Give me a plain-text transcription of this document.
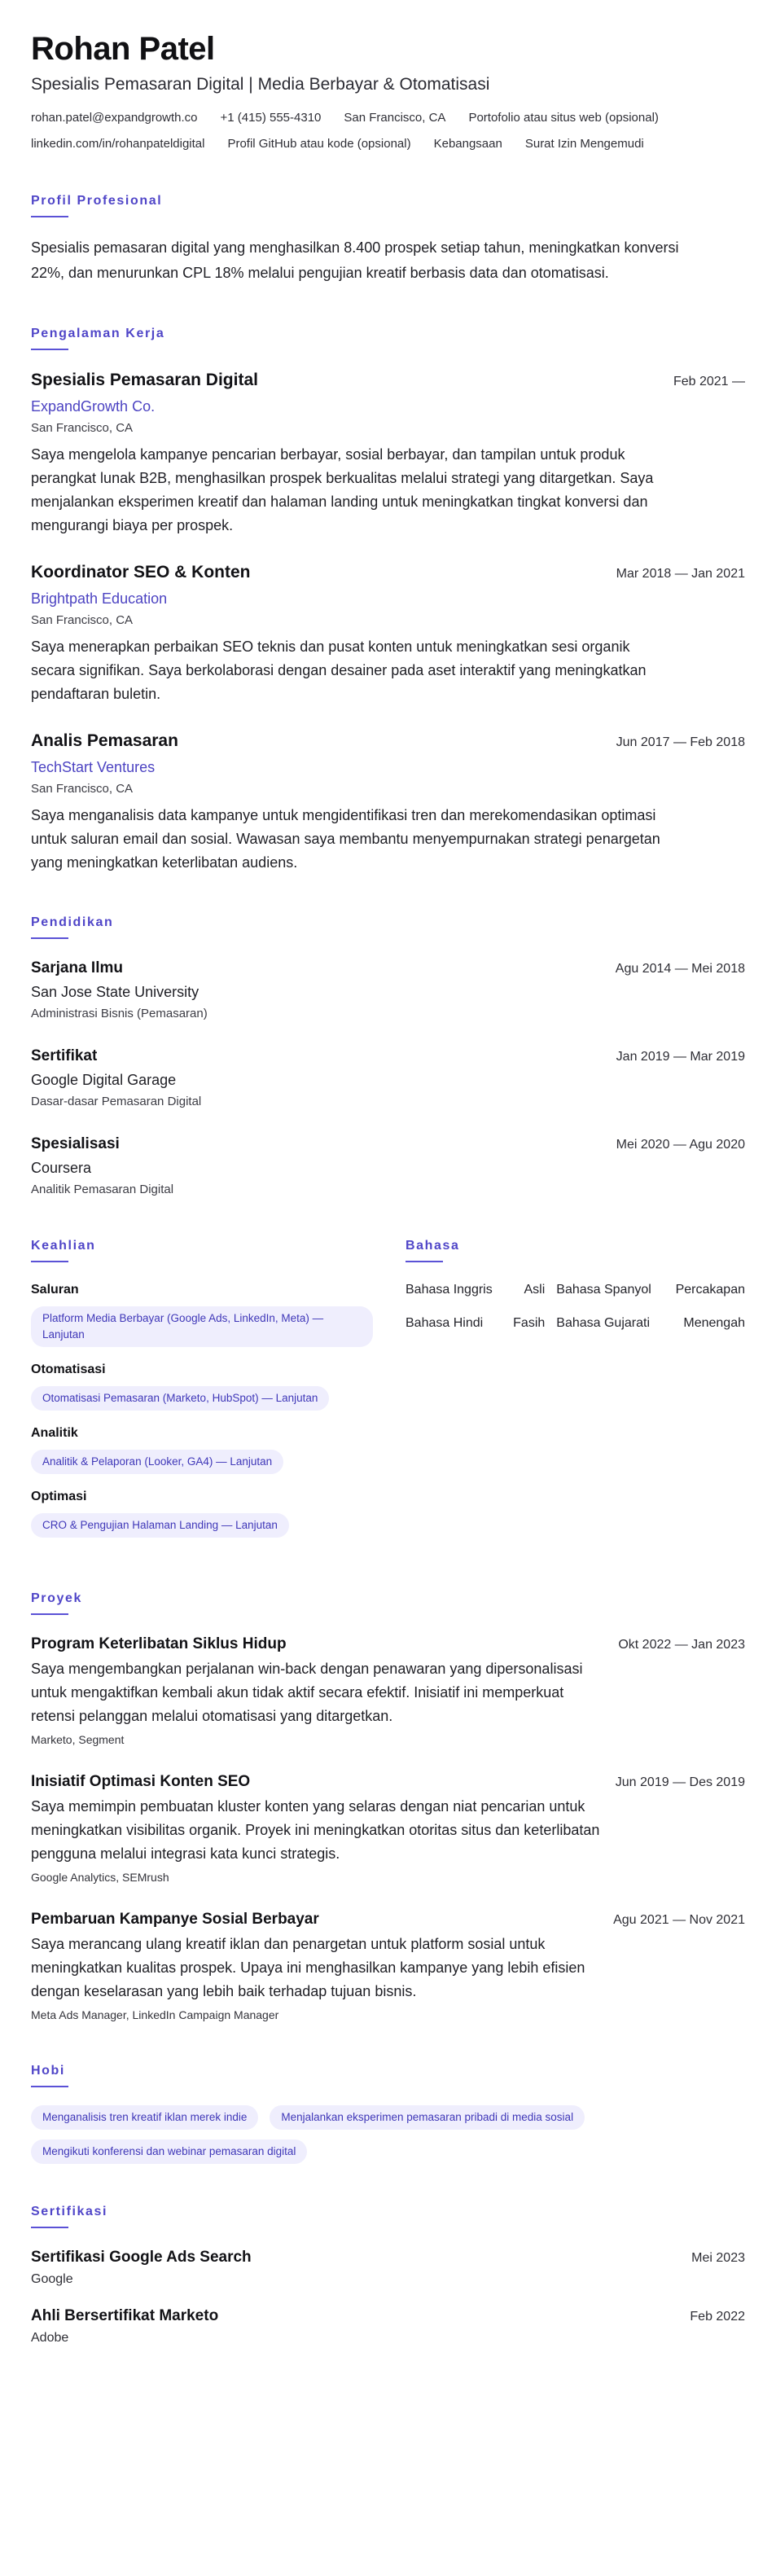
Rohan Patel
Spesialis Pemasaran Digital | Media Berbayar & Otomatisasi
rohan.patel@expandgrowth.co +1 (415) 555-4310 San Francisco, CA Portofolio atau situs web (opsional)
linkedin.com/in/rohanpateldigital Profil GitHub atau kode (opsional) Kebangsaan Surat Izin Mengemudi
Profil Profesional
Spesialis pemasaran digital yang menghasilkan 8.400 prospek setiap tahun, meningkatkan konversi 22%, dan menurunkan CPL 18% melalui pengujian kreatif berbasis data dan otomatisasi.
Pengalaman Kerja
Spesialis Pemasaran Digital	Feb 2021 —
ExpandGrowth Co.
San Francisco, CA
Saya mengelola kampanye pencarian berbayar, sosial berbayar, dan tampilan untuk produk perangkat lunak B2B, menghasilkan prospek berkualitas melalui strategi yang ditargetkan. Saya menjalankan eksperimen kreatif dan halaman landing untuk meningkatkan tingkat konversi dan mengurangi biaya per prospek.
Koordinator SEO & Konten	Mar 2018 — Jan 2021
Brightpath Education
San Francisco, CA
Saya menerapkan perbaikan SEO teknis dan pusat konten untuk meningkatkan sesi organik secara signifikan. Saya berkolaborasi dengan desainer pada aset interaktif yang meningkatkan pendaftaran buletin.
Analis Pemasaran	Jun 2017 — Feb 2018
TechStart Ventures
San Francisco, CA
Saya menganalisis data kampanye untuk mengidentifikasi tren dan merekomendasikan optimasi untuk saluran email dan sosial. Wawasan saya membantu menyempurnakan strategi penargetan yang meningkatkan keterlibatan audiens.
Pendidikan
Sarjana Ilmu	Agu 2014 — Mei 2018
San Jose State University
Administrasi Bisnis (Pemasaran)
Sertifikat	Jan 2019 — Mar 2019
Google Digital Garage
Dasar-dasar Pemasaran Digital
Spesialisasi	Mei 2020 — Agu 2020
Coursera
Analitik Pemasaran Digital
Keahlian
Saluran
Platform Media Berbayar (Google Ads, LinkedIn, Meta) — Lanjutan
Otomatisasi
Otomatisasi Pemasaran (Marketo, HubSpot) — Lanjutan
Analitik
Analitik & Pelaporan (Looker, GA4) — Lanjutan
Optimasi
CRO & Pengujian Halaman Landing — Lanjutan
Bahasa
Bahasa Inggris	Asli	Bahasa Spanyol	Percakapan
Bahasa Hindi	Fasih	Bahasa Gujarati	Menengah
Proyek
Program Keterlibatan Siklus Hidup	Okt 2022 — Jan 2023
Saya mengembangkan perjalanan win-back dengan penawaran yang dipersonalisasi untuk mengaktifkan kembali akun tidak aktif secara efektif. Inisiatif ini memperkuat retensi pelanggan melalui otomatisasi yang ditargetkan.
Marketo, Segment
Inisiatif Optimasi Konten SEO	Jun 2019 — Des 2019
Saya memimpin pembuatan kluster konten yang selaras dengan niat pencarian untuk meningkatkan visibilitas organik. Proyek ini meningkatkan otoritas situs dan keterlibatan pengguna melalui integrasi kata kunci strategis.
Google Analytics, SEMrush
Pembaruan Kampanye Sosial Berbayar	Agu 2021 — Nov 2021
Saya merancang ulang kreatif iklan dan penargetan untuk platform sosial untuk meningkatkan kualitas prospek. Upaya ini menghasilkan kampanye yang lebih efisien dengan keselarasan yang lebih baik terhadap tujuan bisnis.
Meta Ads Manager, LinkedIn Campaign Manager
Hobi
Menganalisis tren kreatif iklan merek indie	Menjalankan eksperimen pemasaran pribadi di media sosial
Mengikuti konferensi dan webinar pemasaran digital
Sertifikasi
Sertifikasi Google Ads Search	Mei 2023
Google
Ahli Bersertifikat Marketo	Feb 2022
Adobe
